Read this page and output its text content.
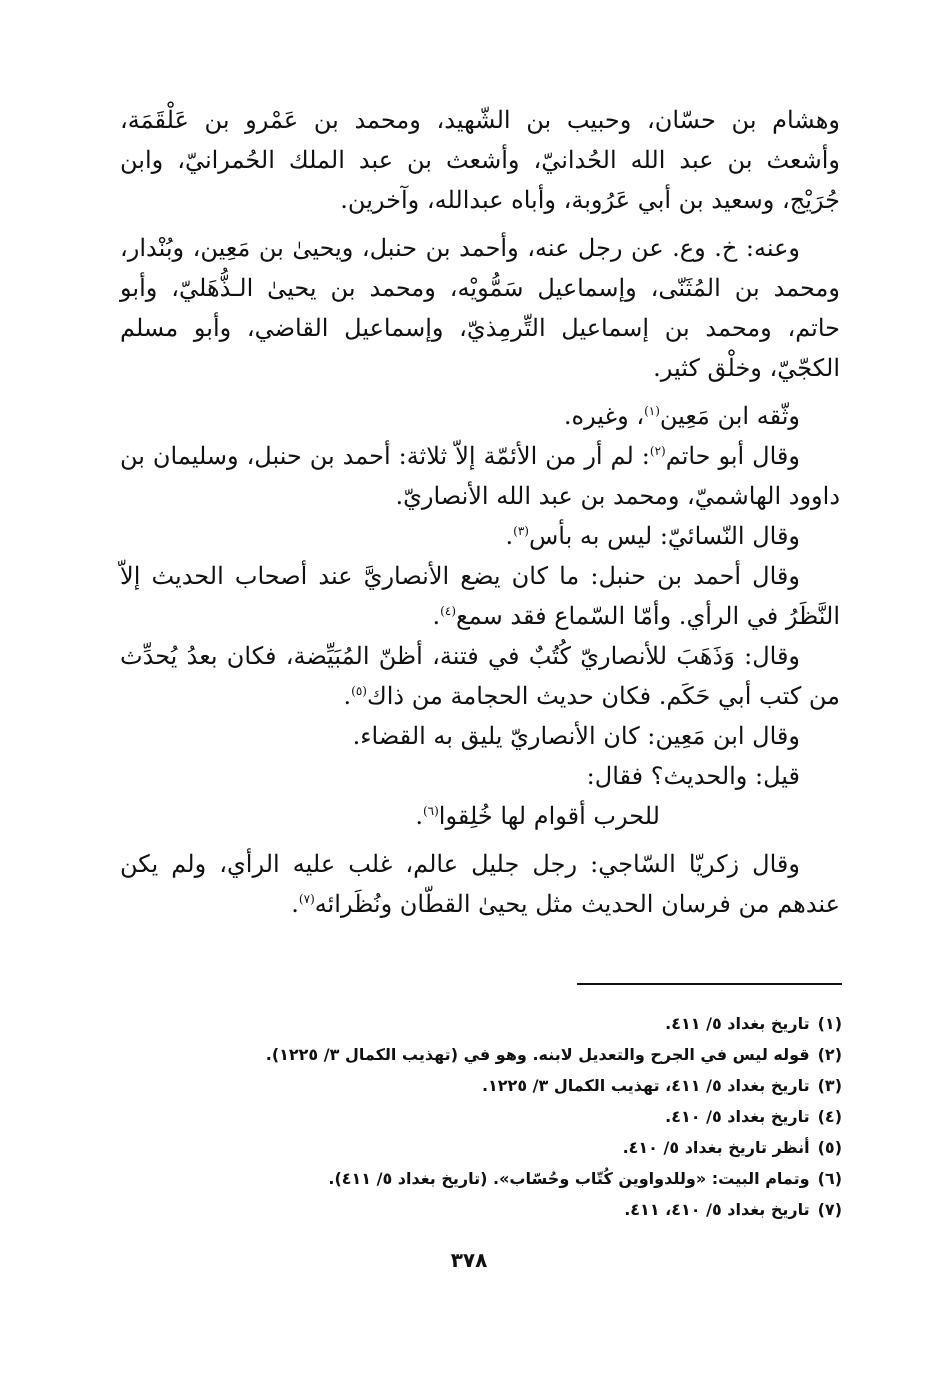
وهشام بن حسّان، وحبيب بن الشّهيد، ومحمد بن عَمْرو بن عَلْقَمَة، وأشعث بن عبد الله الحُدانيّ، وأشعث بن عبد الملك الحُمرانيّ، وابن جُرَيْج، وسعيد بن أبي عَرُوبة، وأباه عبدالله، وآخرين.

وعنه: خ. وع. عن رجل عنه، وأحمد بن حنبل، ويحيىٰ بن مَعِين، وبُنْدار، ومحمد بن المُثَنّى، وإسماعيل سَمُّويْه، ومحمد بن يحيىٰ الـذُّهَليّ، وأبو حاتم، ومحمد بن إسماعيل التِّرمِذيّ، وإسماعيل القاضي، وأبو مسلم الكجّيّ، وخلْق كثير.

وثّقه ابن مَعِين$^{(١)}$، وغيره.

وقال أبو حاتم$^{(٢)}$: لم أر من الأئمّة إلاّ ثلاثة: أحمد بن حنبل، وسليمان بن داوود الهاشميّ، ومحمد بن عبد الله الأنصاريّ.

وقال النّسائيّ: ليس به بأس$^{(٣)}$.

وقال أحمد بن حنبل: ما كان يضع الأنصاريَّ عند أصحاب الحديث إلاّ النَّظَرُ في الرأي. وأمّا السّماع فقد سمع$^{(٤)}$.

وقال: وَذَهَبَ للأنصاريّ كُتُبٌ في فتنة، أظنّ المُبَيِّضة، فكان بعدُ يُحدِّث من كتب أبي حَكَم. فكان حديث الحجامة من ذاك$^{(٥)}$.

وقال ابن مَعِين: كان الأنصاريّ يليق به القضاء.

قيل: والحديث؟ فقال:

للحرب أقوام لها خُلِقوا$^{(٦)}$.

وقال زكريّا السّاجي: رجل جليل عالم، غلب عليه الرأي، ولم يكن عندهم من فرسان الحديث مثل يحيىٰ القطّان ونُظَرائه$^{(٧)}$.

(١)تاريخ بغداد ٥/ ٤١١.
(٢)قوله ليس في الجرح والتعديل لابنه. وهو في (تهذيب الكمال ٣/ ١٢٢٥).
(٣)تاريخ بغداد ٥/ ٤١١، تهذيب الكمال ٣/ ١٢٢٥.
(٤)تاريخ بغداد ٥/ ٤١٠.
(٥)أنظر تاريخ بغداد ٥/ ٤١٠.
(٦)وتمام البيت: «وللدواوين كُتّاب وحُسّاب». (تاريخ بغداد ٥/ ٤١١).
(٧)تاريخ بغداد ٥/ ٤١٠، ٤١١.
٣٧٨
